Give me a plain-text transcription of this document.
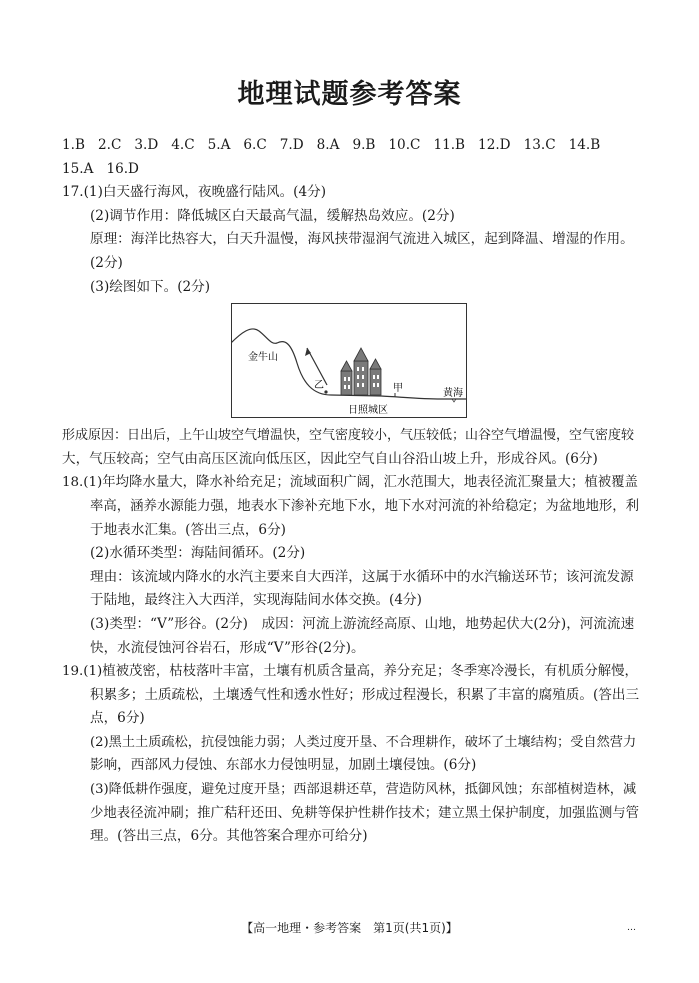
地理试题参考答案
1.B 2.C 3.D 4.C 5.A 6.C 7.D 8.A 9.B 10.C 11.B 12.D 13.C 14.B
15.A 16.D
17.(1)白天盛行海风，夜晚盛行陆风。(4分)
(2)调节作用：降低城区白天最高气温，缓解热岛效应。(2分)
原理：海洋比热容大，白天升温慢，海风挟带湿润气流进入城区，起到降温、增湿的作用。
(2分)
(3)绘图如下。(2分)
金牛山
乙	甲
日照城区
黄海
形成原因：日出后，上午山坡空气增温快，空气密度较小，气压较低；山谷空气增温慢，空气密度较
大，气压较高；空气由高压区流向低压区，因此空气自山谷沿山坡上升，形成谷风。(6分)
18.(1)年均降水量大，降水补给充足；流域面积广阔，汇水范围大，地表径流汇聚量大；植被覆盖
率高，涵养水源能力强，地表水下渗补充地下水，地下水对河流的补给稳定；为盆地地形，利
于地表水汇集。(答出三点，6分)
(2)水循环类型：海陆间循环。(2分)
理由：该流域内降水的水汽主要来自大西洋，这属于水循环中的水汽输送环节；该河流发源
于陆地，最终注入大西洋，实现海陆间水体交换。(4分)
(3)类型：“V”形谷。(2分)　成因：河流上游流经高原、山地，地势起伏大(2分)，河流流速
快，水流侵蚀河谷岩石，形成“V”形谷(2分)。
19.(1)植被茂密，枯枝落叶丰富，土壤有机质含量高，养分充足；冬季寒冷漫长，有机质分解慢，
积累多；土质疏松，土壤透气性和透水性好；形成过程漫长，积累了丰富的腐殖质。(答出三
点，6分)
(2)黑土土质疏松，抗侵蚀能力弱；人类过度开垦、不合理耕作，破坏了土壤结构；受自然营力
影响，西部风力侵蚀、东部水力侵蚀明显，加剧土壤侵蚀。(6分)
(3)降低耕作强度，避免过度开垦；西部退耕还草，营造防风林，抵御风蚀；东部植树造林，减
少地表径流冲刷；推广秸秆还田、免耕等保护性耕作技术；建立黑土保护制度，加强监测与管
理。(答出三点，6分。其他答案合理亦可给分)
【高一地理・参考答案　第1页(共1页)】	…
